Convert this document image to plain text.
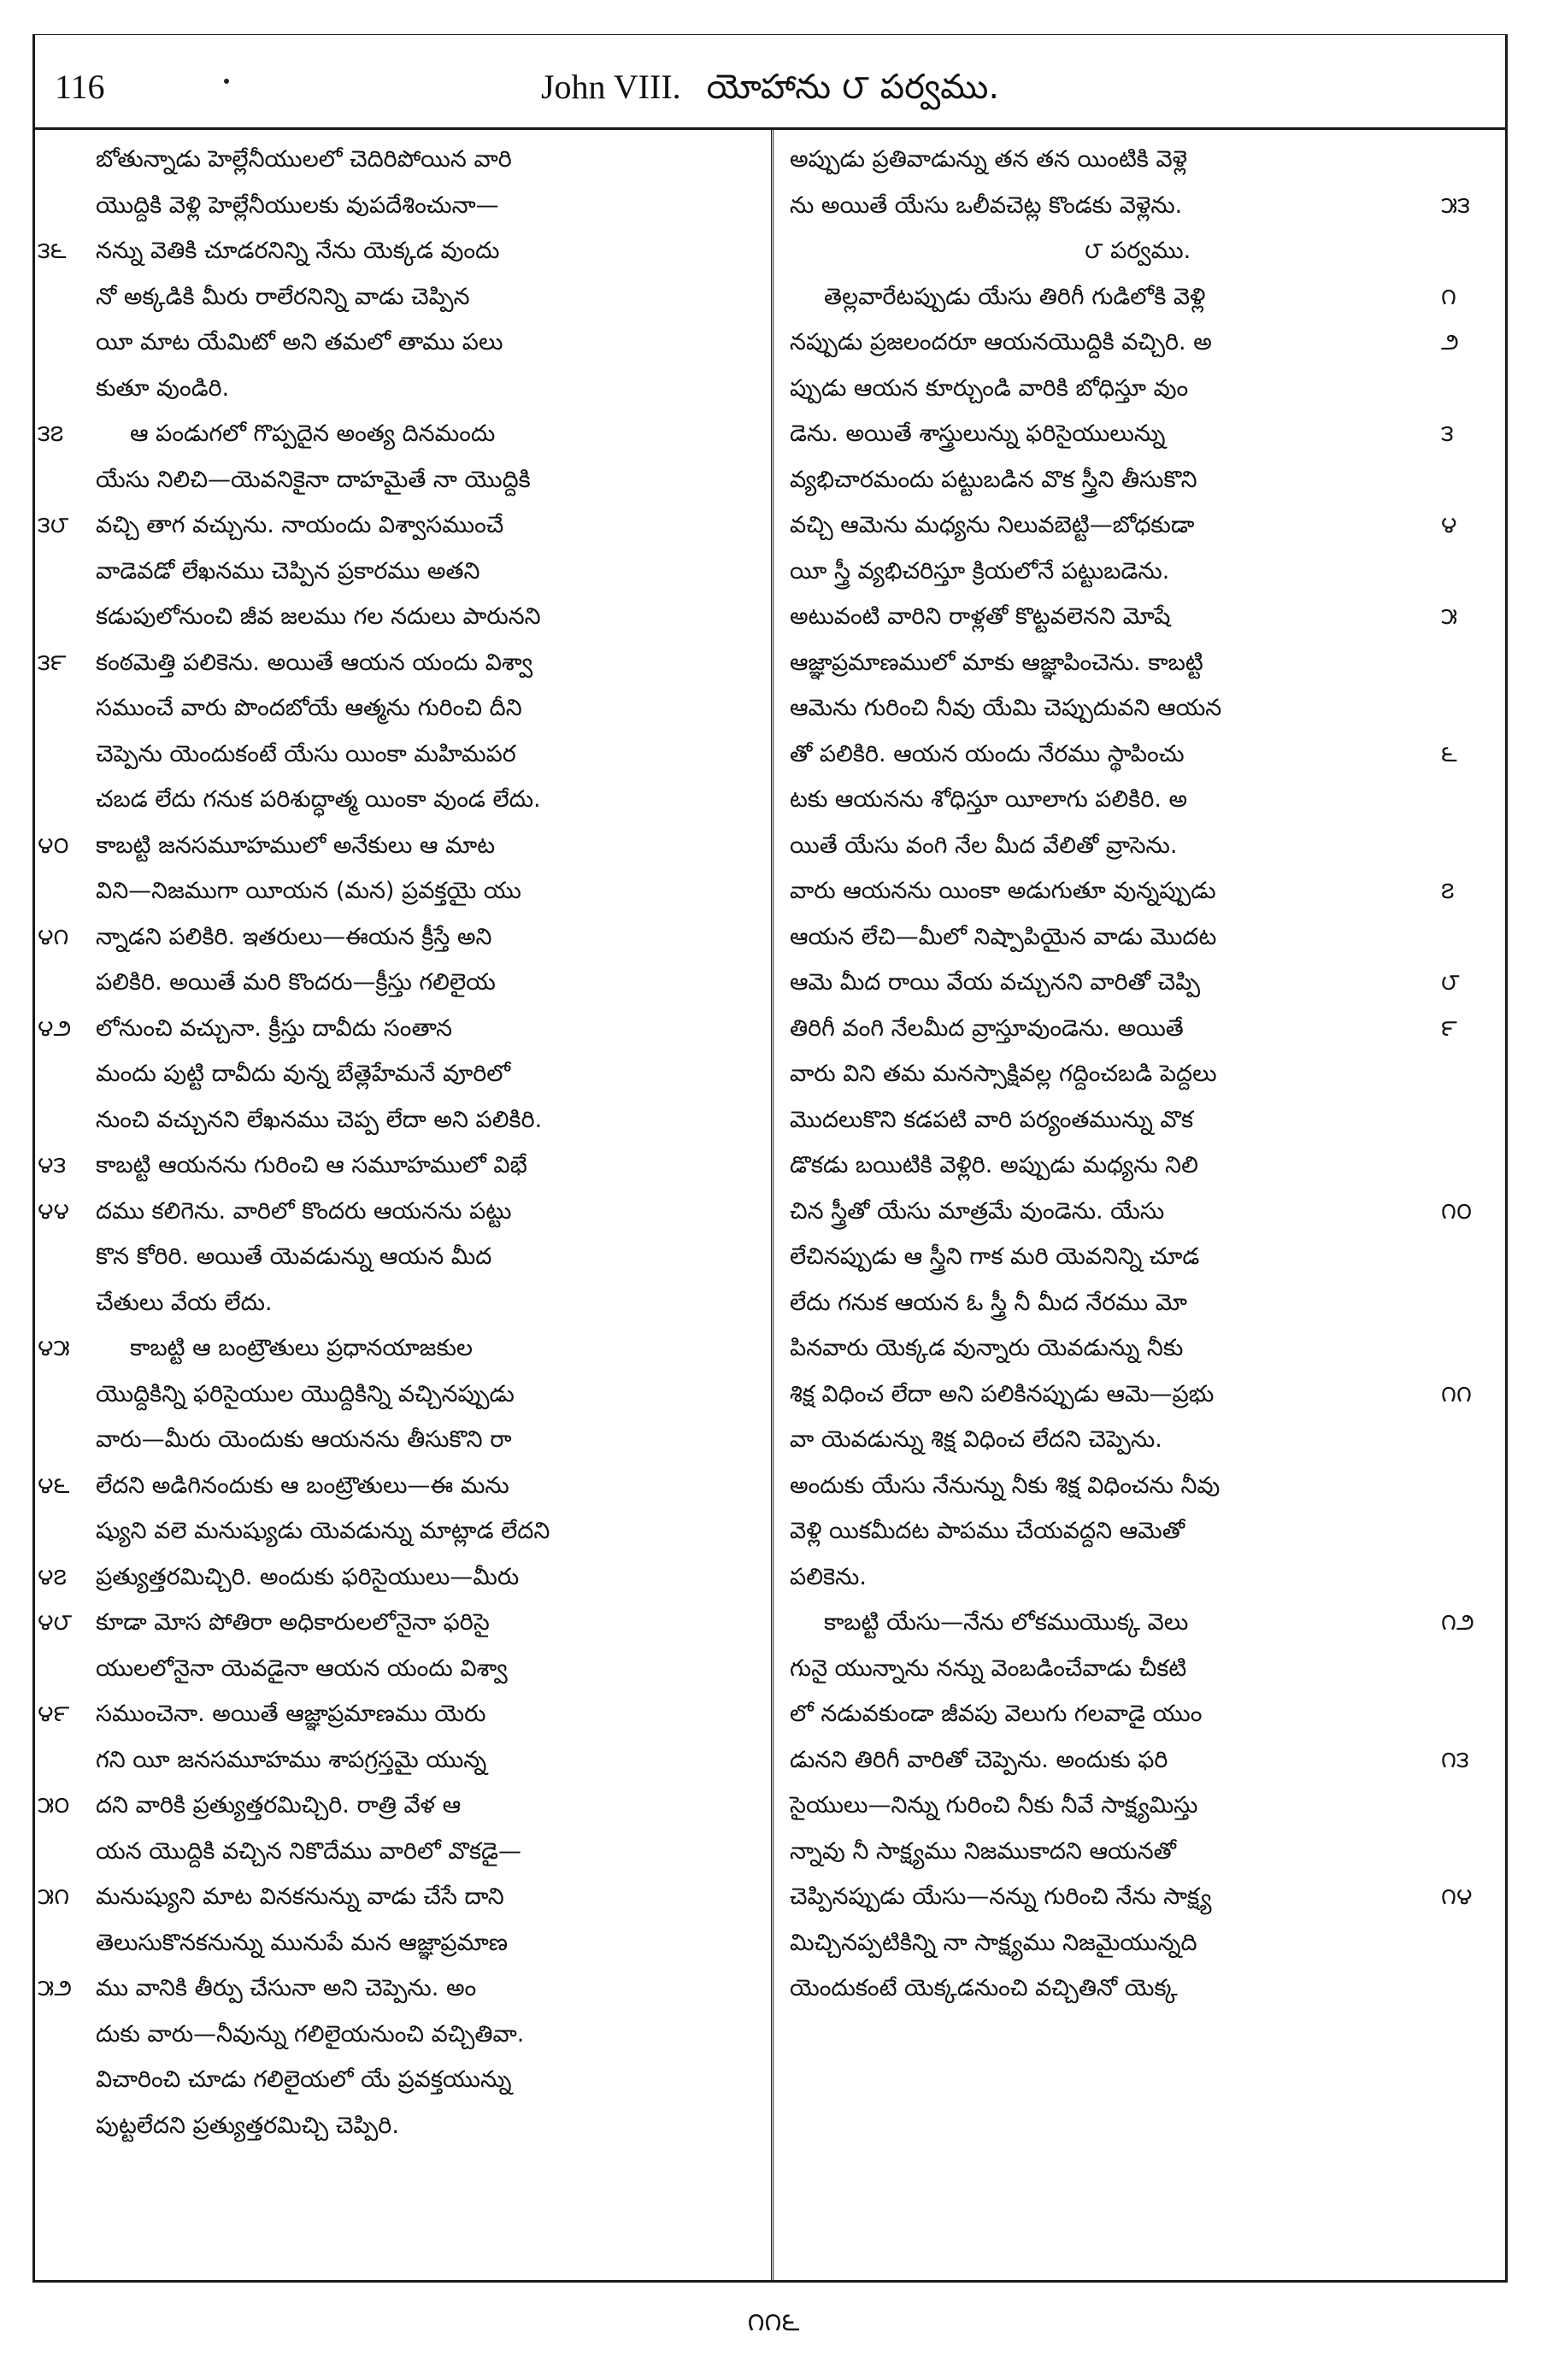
116	John VIII. యోహాను ౮ పర్వము.
బోతున్నాడు హెల్లేనీయులలో చెదిరిపోయిన వారి
యొద్దికి వెళ్లి హెల్లేనీయులకు వుపదేశించునా—
౩౬	నన్ను వెతికి చూడరనిన్ని నేను యెక్కడ వుందు
నో అక్కడికి మీరు రాలేరనిన్ని వాడు చెప్పిన
యీ మాట యేమిటో అని తమలో తాము పలు
కుతూ వుండిరి.
౩౭	ఆ పండుగలో గొప్పదైన అంత్య దినమందు
యేసు నిలిచి—యెవనికైనా దాహమైతే నా యొద్దికి
౩౮	వచ్చి తాగ వచ్చును. నాయందు విశ్వాసముంచే
వాడెవడో లేఖనము చెప్పిన ప్రకారము అతని
కడుపులోనుంచి జీవ జలము గల నదులు పారునని
౩౯	కంఠమెత్తి పలికెను. అయితే ఆయన యందు విశ్వా
సముంచే వారు పొందబోయే ఆత్మను గురించి దీని
చెప్పెను యెందుకంటే యేసు యింకా మహిమపర
చబడ లేదు గనుక పరిశుద్ధాత్మ యింకా వుండ లేదు.
౪౦	కాబట్టి జనసమూహములో అనేకులు ఆ మాట
విని—నిజముగా యీయన (మన) ప్రవక్తయై యు
౪౧	న్నాడని పలికిరి. ఇతరులు—ఈయన క్రీస్తే అని
పలికిరి. అయితే మరి కొందరు—క్రీస్తు గలిలైయ
౪౨	లోనుంచి వచ్చునా. క్రీస్తు దావీదు సంతాన
మందు పుట్టి దావీదు వున్న బేత్లెహేమనే వూరిలో
నుంచి వచ్చునని లేఖనము చెప్ప లేదా అని పలికిరి.
౪౩	కాబట్టి ఆయనను గురించి ఆ సమూహములో విభే
౪౪	దము కలిగెను. వారిలో కొందరు ఆయనను పట్టు
కొన కోరిరి. అయితే యెవడున్ను ఆయన మీద
చేతులు వేయ లేదు.
౪౫	కాబట్టి ఆ బంట్రౌతులు ప్రధానయాజకుల
యొద్దికిన్ని ఫరిసైయుల యొద్దికిన్ని వచ్చినప్పుడు
వారు—మీరు యెందుకు ఆయనను తీసుకొని రా
౪౬	లేదని అడిగినందుకు ఆ బంట్రౌతులు—ఈ మను
ష్యుని వలె మనుష్యుడు యెవడున్ను మాట్లాడ లేదని
౪౭	ప్రత్యుత్తరమిచ్చిరి. అందుకు ఫరిసైయులు—మీరు
౪౮	కూడా మోస పోతిరా అధికారులలోనైనా ఫరిసై
యులలోనైనా యెవడైనా ఆయన యందు విశ్వా
౪౯	సముంచెనా. అయితే ఆజ్ఞాప్రమాణము యెరు
గని యీ జనసమూహము శాపగ్రస్తమై యున్న
౫౦	దని వారికి ప్రత్యుత్తరమిచ్చిరి. రాత్రి వేళ ఆ
యన యొద్దికి వచ్చిన నికొదేము వారిలో వొకడై—
౫౧	మనుష్యుని మాట వినకనున్ను వాడు చేసే దాని
తెలుసుకొనకనున్ను మునుపే మన ఆజ్ఞాప్రమాణ
౫౨	ము వానికి తీర్పు చేసునా అని చెప్పెను. అం
దుకు వారు—నీవున్ను గలిలైయనుంచి వచ్చితివా.
విచారించి చూడు గలిలైయలో యే ప్రవక్తయున్ను
పుట్టలేదని ప్రత్యుత్తరమిచ్చి చెప్పిరి.
అప్పుడు ప్రతివాడున్ను తన తన యింటికి వెళ్లె
౫౩
ను అయితే యేసు ఒలీవచెట్ల కొండకు వెళ్లెను.
౮ పర్వము.
౧
తెల్లవారేటప్పుడు యేసు తిరిగీ గుడిలోకి వెళ్లి
౨
నప్పుడు ప్రజలందరూ ఆయనయొద్దికి వచ్చిరి. అ
ప్పుడు ఆయన కూర్చుండి వారికి బోధిస్తూ వుం
౩
డెను. అయితే శాస్త్రులున్ను ఫరిసైయులున్ను
వ్యభిచారమందు పట్టుబడిన వొక స్త్రీని తీసుకొని
౪
వచ్చి ఆమెను మధ్యను నిలువబెట్టి—బోధకుడా
యీ స్త్రీ వ్యభిచరిస్తూ క్రియలోనే పట్టుబడెను.
౫
అటువంటి వారిని రాళ్లతో కొట్టవలెనని మోషే
ఆజ్ఞాప్రమాణములో మాకు ఆజ్ఞాపించెను. కాబట్టి
ఆమెను గురించి నీవు యేమి చెప్పుదువని ఆయన
౬
తో పలికిరి. ఆయన యందు నేరము స్థాపించు
టకు ఆయనను శోధిస్తూ యీలాగు పలికిరి. అ
యితే యేసు వంగి నేల మీద వేలితో వ్రాసెను.
౭
వారు ఆయనను యింకా అడుగుతూ వున్నప్పుడు
ఆయన లేచి—మీలో నిష్పాపియైన వాడు మొదట
౮
ఆమె మీద రాయి వేయ వచ్చునని వారితో చెప్పి
౯
తిరిగీ వంగి నేలమీద వ్రాస్తూవుండెను. అయితే
వారు విని తమ మనస్సాక్షివల్ల గద్దించబడి పెద్దలు
మొదలుకొని కడపటి వారి పర్యంతమున్ను వొక
డొకడు బయిటికి వెళ్లిరి. అప్పుడు మధ్యను నిలి
౧౦
చిన స్త్రీతో యేసు మాత్రమే వుండెను. యేసు
లేచినప్పుడు ఆ స్త్రీని గాక మరి యెవనిన్ని చూడ
లేదు గనుక ఆయన ఓ స్త్రీ నీ మీద నేరము మో
పినవారు యెక్కడ వున్నారు యెవడున్ను నీకు
౧౧
శిక్ష విధించ లేదా అని పలికినప్పుడు ఆమె—ప్రభు
వా యెవడున్ను శిక్ష విధించ లేదని చెప్పెను.
అందుకు యేసు నేనున్ను నీకు శిక్ష విధించను నీవు
వెళ్లి యికమీదట పాపము చేయవద్దని ఆమెతో
పలికెను.
౧౨
కాబట్టి యేసు—నేను లోకముయొక్క వెలు
గునై యున్నాను నన్ను వెంబడించేవాడు చీకటి
లో నడువకుండా జీవపు వెలుగు గలవాడై యుం
౧౩
డునని తిరిగీ వారితో చెప్పెను. అందుకు ఫరి
సైయులు—నిన్ను గురించి నీకు నీవే సాక్ష్యమిస్తు
న్నావు నీ సాక్ష్యము నిజముకాదని ఆయనతో
౧౪
చెప్పినప్పుడు యేసు—నన్ను గురించి నేను సాక్ష్య
మిచ్చినప్పటికిన్ని నా సాక్ష్యము నిజమైయున్నది
యెందుకంటే యెక్కడనుంచి వచ్చితినో యెక్క
౧౧౬
